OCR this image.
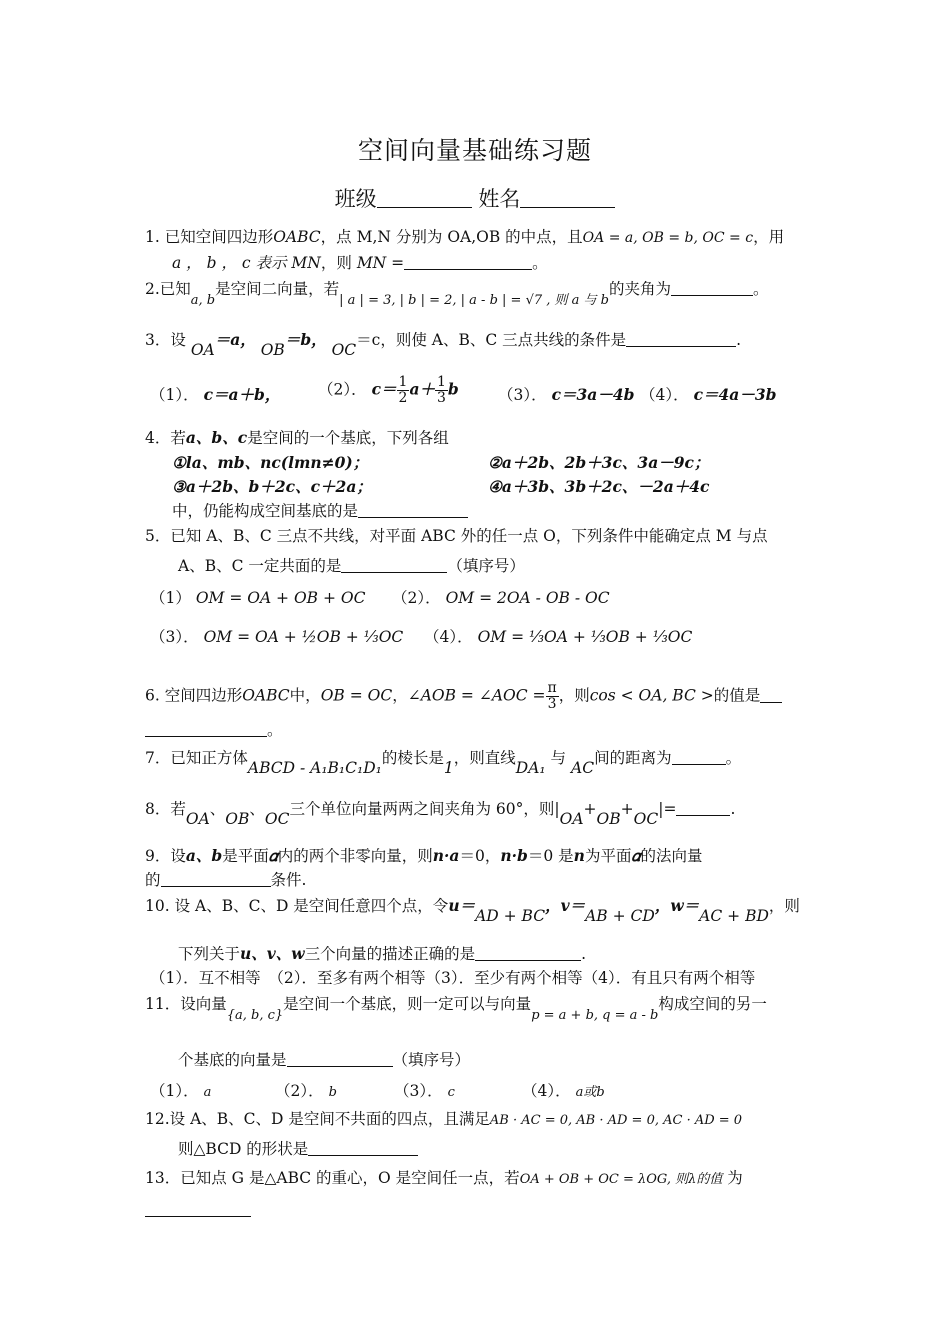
空间向量基础练习题
班级	姓名
1. 已知空间四边形OABC，点 M,N 分别为 OA,OB 的中点，且OA = a, OB = b, OC = c，用
a ， b ， c 表示 MN，则 MN =	。
2.已知$_{a, b}$是空间二向量，若$_{| a | = 3, | b | = 2, | a - b | = √7 , 则 a 与 b}$的夹角为	。
3．设 OA＝a， OB＝b， OC＝c，则使 A、B、C 三点共线的条件是	.
（1）． c＝a＋b， （2）． $c= \frac{1}{2} a+ \frac{1}{3}$ b	（3）． c＝3a－4b （4）． c＝4a－3b
4．若a、b、c是空间的一个基底，下列各组
①la、mb、nc(lmn≠0)；	②a＋2b、2b＋3c、3a－9c；
③a＋2b、b＋2c、c＋2a；	④a＋3b、3b＋2c、－2a＋4c
中，仍能构成空间基底的是
5．已知 A、B、C 三点不共线，对平面 ABC 外的任一点 O，下列条件中能确定点 M 与点
A、B、C 一定共面的是	（填序号）
（1） OM = OA + OB + OC （2）． OM = 2OA - OB - OC
（3）． OM = OA + ½OB + ⅓OC （4）． OM = ⅓OA + ⅓OB + ⅓OC
6. 空间四边形OABC中，OB = OC，∠AOB = ∠AOC = $\frac{\pi}{3}$ ，则cos < OA, BC >的值是
。
7．已知正方体ABCD - A₁B₁C₁D₁的棱长是1，则直线DA₁ 与 AC间的距离为	。
8．若OA、OB、OC三个单位向量两两之间夹角为 60°，则|OA+OB+OC|=	.
9．设a、b是平面𝛼内的两个非零向量，则n·a＝0，n·b＝0 是n为平面𝛼的法向量
的	条件.
10. 设 A、B、C、D 是空间任意四个点，令u＝AD + BC，v＝AB + CD，w＝AC + BD，则
下列关于u、v、w三个向量的描述正确的是	.
（1）．互不相等　（2）．至多有两个相等（3）．至少有两个相等（4）．有且只有两个相等
11．设向量$_{\{a, b, c\}}$是空间一个基底，则一定可以与向量$_{p = a + b, q = a - b}$构成空间的另一
个基底的向量是	（填序号）
（1）． a	（2）． b	（3）． c	（4）． a或b
12.设 A、B、C、D 是空间不共面的四点，且满足AB · AC = 0, AB · AD = 0, AC · AD = 0
则△BCD 的形状是
13．已知点 G 是△ABC 的重心，O 是空间任一点，若OA + OB + OC = λOG, 则λ的值 为
